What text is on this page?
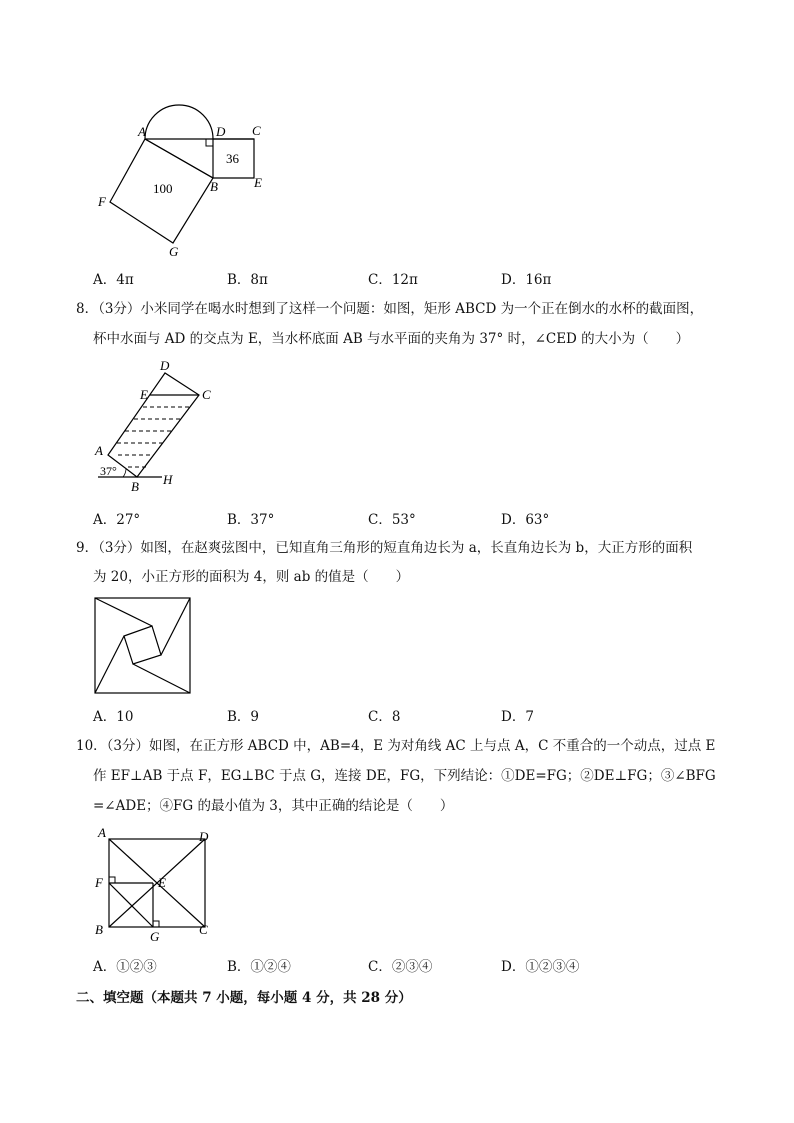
A	D C
F
B	E
G
100
36
A．4π	B．8π	C．12π	D．16π
8．（3分）小米同学在喝水时想到了这样一个问题：如图，矩形 ABCD 为一个正在倒水的水杯的截面图，
杯中水面与 AD 的交点为 E，当水杯底面 AB 与水平面的夹角为 37° 时，∠CED 的大小为（　　）
D
E	C
A
B H
37°
A．27°	B．37°	C．53°	D．63°
9．（3分）如图，在赵爽弦图中，已知直角三角形的短直角边长为 a，长直角边长为 b，大正方形的面积
为 20，小正方形的面积为 4，则 ab 的值是（　　）
A．10	B．9	C．8	D．7
10．（3分）如图，在正方形 ABCD 中，AB=4，E 为对角线 AC 上与点 A，C 不重合的一个动点，过点 E
作 EF⊥AB 于点 F，EG⊥BC 于点 G，连接 DE，FG，下列结论：①DE=FG；②DE⊥FG；③∠BFG
=∠ADE；④FG 的最小值为 3，其中正确的结论是（　　）
A	D
F	E
B	G	C
A．①②③	B．①②④	C．②③④	D．①②③④
二、填空题（本题共 7 小题，每小题 4 分，共 28 分）
